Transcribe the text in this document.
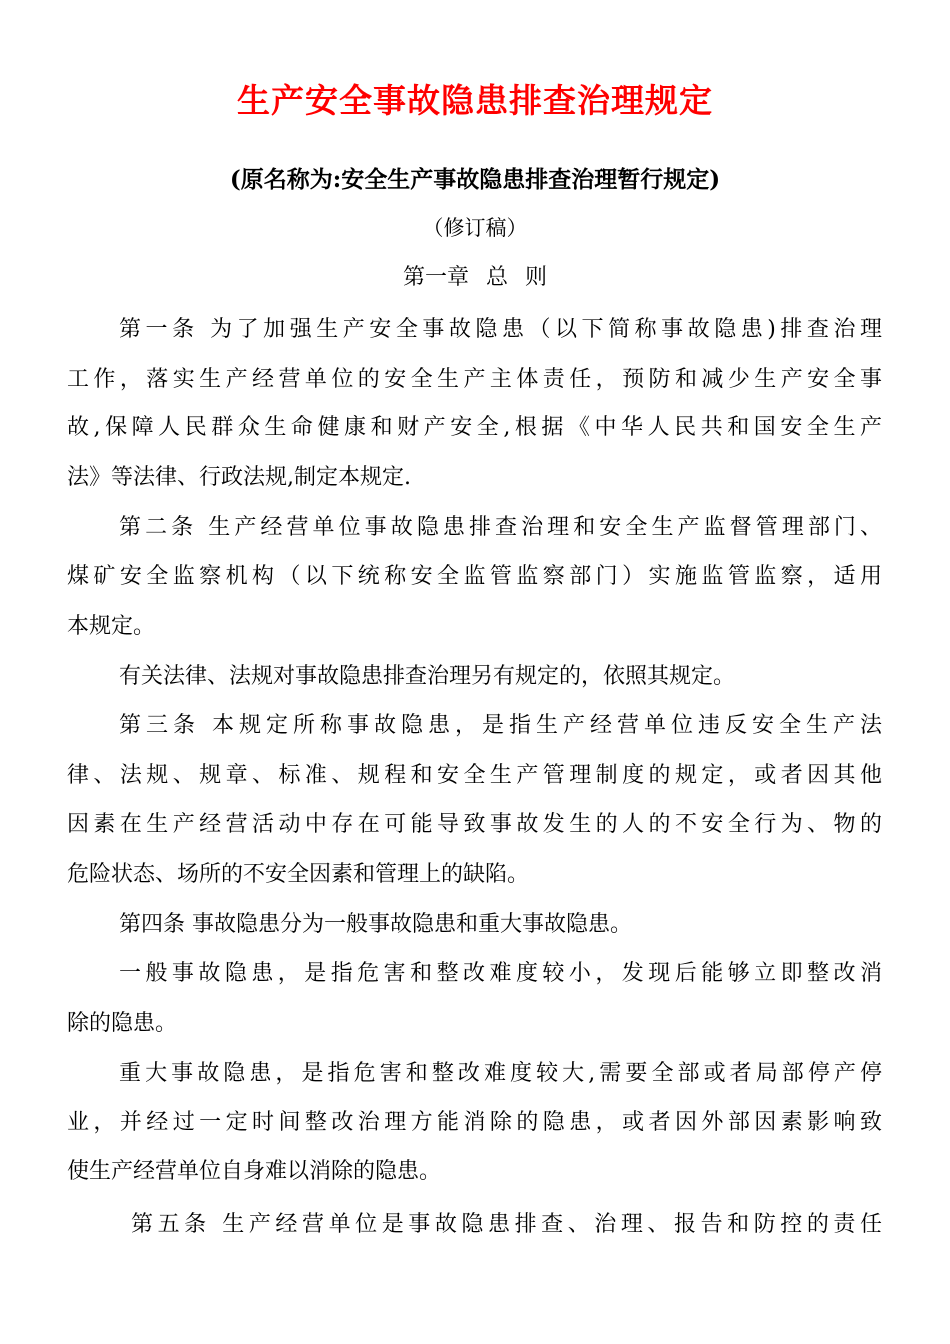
生产安全事故隐患排查治理规定
(原名称为:安全生产事故隐患排查治理暂行规定)
（修订稿）
第一章 总 则
第一条 为了加强生产安全事故隐患（以下简称事故隐患)排查治理
工作，落实生产经营单位的安全生产主体责任，预防和减少生产安全事
故,保障人民群众生命健康和财产安全,根据《中华人民共和国安全生产
法》等法律、行政法规,制定本规定.
第二条 生产经营单位事故隐患排查治理和安全生产监督管理部门、
煤矿安全监察机构（以下统称安全监管监察部门）实施监管监察，适用
本规定。
有关法律、法规对事故隐患排查治理另有规定的，依照其规定。
第三条 本规定所称事故隐患，是指生产经营单位违反安全生产法
律、法规、规章、标准、规程和安全生产管理制度的规定，或者因其他
因素在生产经营活动中存在可能导致事故发生的人的不安全行为、物的
危险状态、场所的不安全因素和管理上的缺陷。
第四条 事故隐患分为一般事故隐患和重大事故隐患。
一般事故隐患，是指危害和整改难度较小，发现后能够立即整改消
除的隐患。
重大事故隐患，是指危害和整改难度较大,需要全部或者局部停产停
业，并经过一定时间整改治理方能消除的隐患，或者因外部因素影响致
使生产经营单位自身难以消除的隐患。
第五条 生产经营单位是事故隐患排查、治理、报告和防控的责任
